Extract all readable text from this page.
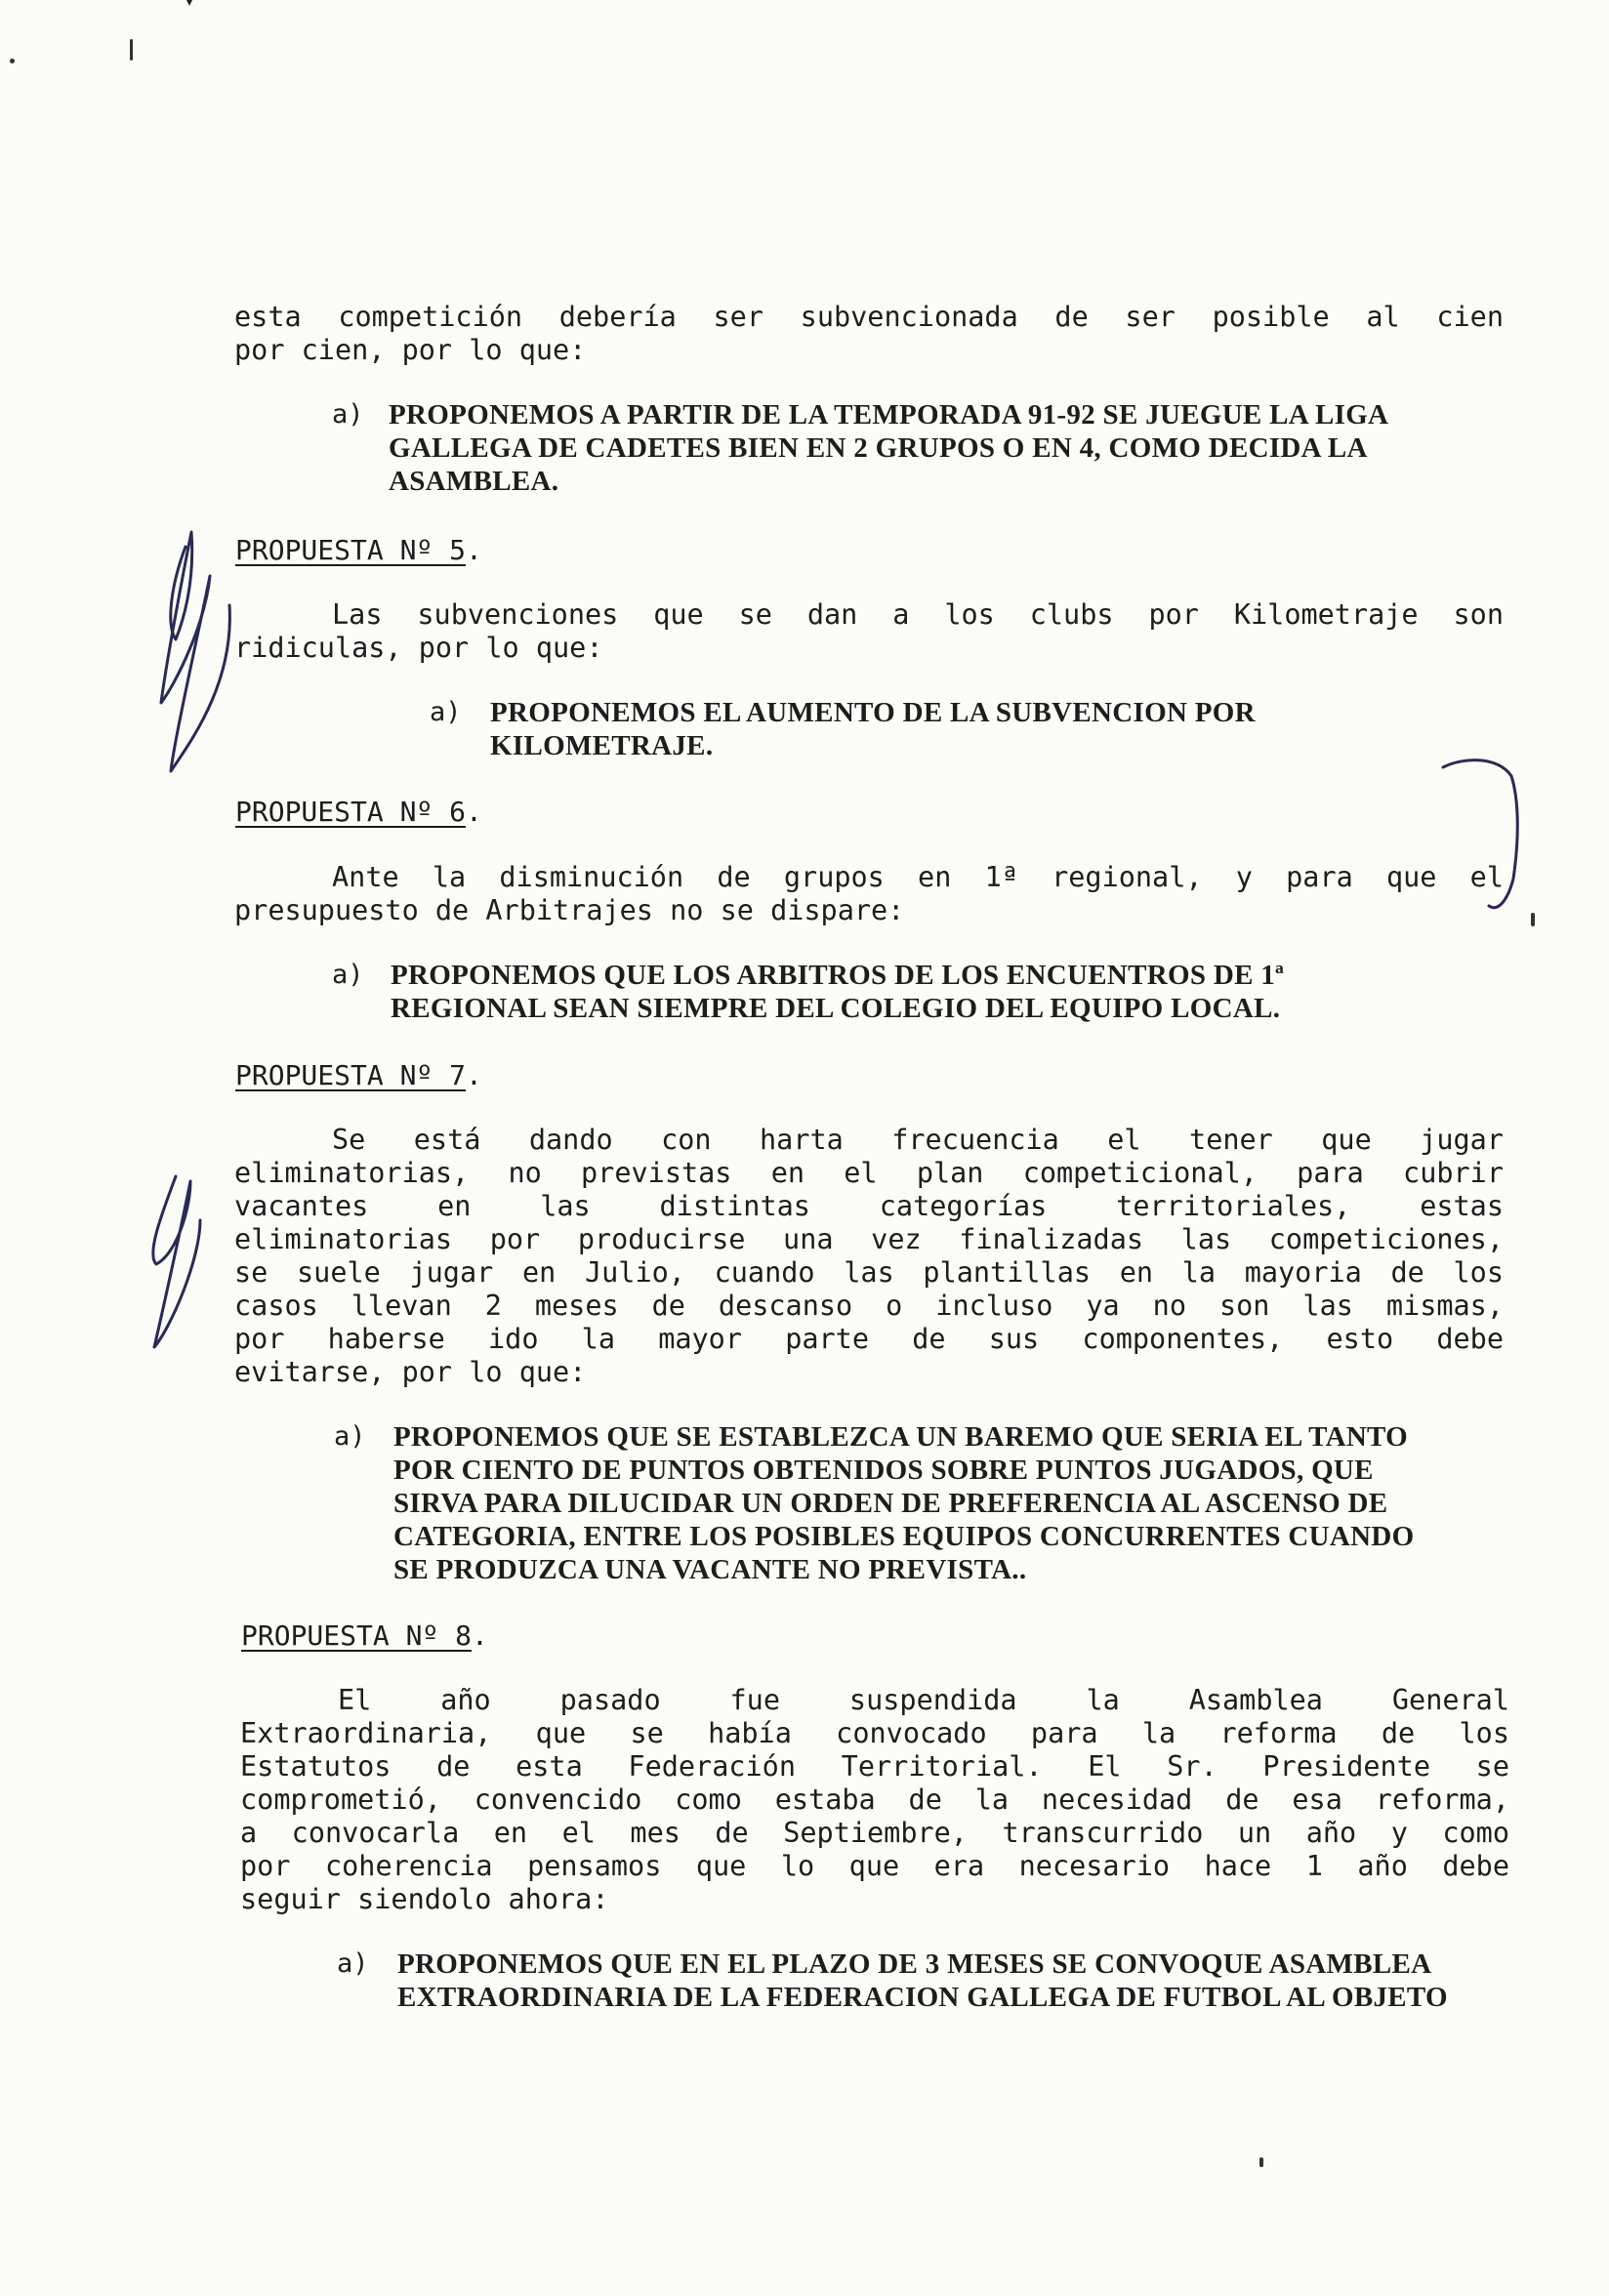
esta competición debería ser subvencionada de ser posible al cien
por cien, por lo que:
a) PROPONEMOS A PARTIR DE LA TEMPORADA 91-92 SE JUEGUE LA LIGA
GALLEGA DE CADETES BIEN EN 2 GRUPOS O EN 4, COMO DECIDA LA
ASAMBLEA.
PROPUESTA Nº 5.
Las subvenciones que se dan a los clubs por Kilometraje son
ridiculas, por lo que:
a) PROPONEMOS EL AUMENTO DE LA SUBVENCION POR
KILOMETRAJE.
PROPUESTA Nº 6.
Ante la disminución de grupos en 1ª regional, y para que el
presupuesto de Arbitrajes no se dispare:
a) PROPONEMOS QUE LOS ARBITROS DE LOS ENCUENTROS DE 1ª
REGIONAL SEAN SIEMPRE DEL COLEGIO DEL EQUIPO LOCAL.
PROPUESTA Nº 7.
Se está dando con harta frecuencia el tener que jugar
eliminatorias, no previstas en el plan competicional, para cubrir
vacantes en las distintas categorías territoriales, estas
eliminatorias por producirse una vez finalizadas las competiciones,
se suele jugar en Julio, cuando las plantillas en la mayoria de los
casos llevan 2 meses de descanso o incluso ya no son las mismas,
por haberse ido la mayor parte de sus componentes, esto debe
evitarse, por lo que:
a) PROPONEMOS QUE SE ESTABLEZCA UN BAREMO QUE SERIA EL TANTO
POR CIENTO DE PUNTOS OBTENIDOS SOBRE PUNTOS JUGADOS, QUE
SIRVA PARA DILUCIDAR UN ORDEN DE PREFERENCIA AL ASCENSO DE
CATEGORIA, ENTRE LOS POSIBLES EQUIPOS CONCURRENTES CUANDO
SE PRODUZCA UNA VACANTE NO PREVISTA..
PROPUESTA Nº 8.
El año pasado fue suspendida la Asamblea General
Extraordinaria, que se había convocado para la reforma de los
Estatutos de esta Federación Territorial. El Sr. Presidente se
comprometió, convencido como estaba de la necesidad de esa reforma,
a convocarla en el mes de Septiembre, transcurrido un año y como
por coherencia pensamos que lo que era necesario hace 1 año debe
seguir siendolo ahora:
a) PROPONEMOS QUE EN EL PLAZO DE 3 MESES SE CONVOQUE ASAMBLEA
EXTRAORDINARIA DE LA FEDERACION GALLEGA DE FUTBOL AL OBJETO
